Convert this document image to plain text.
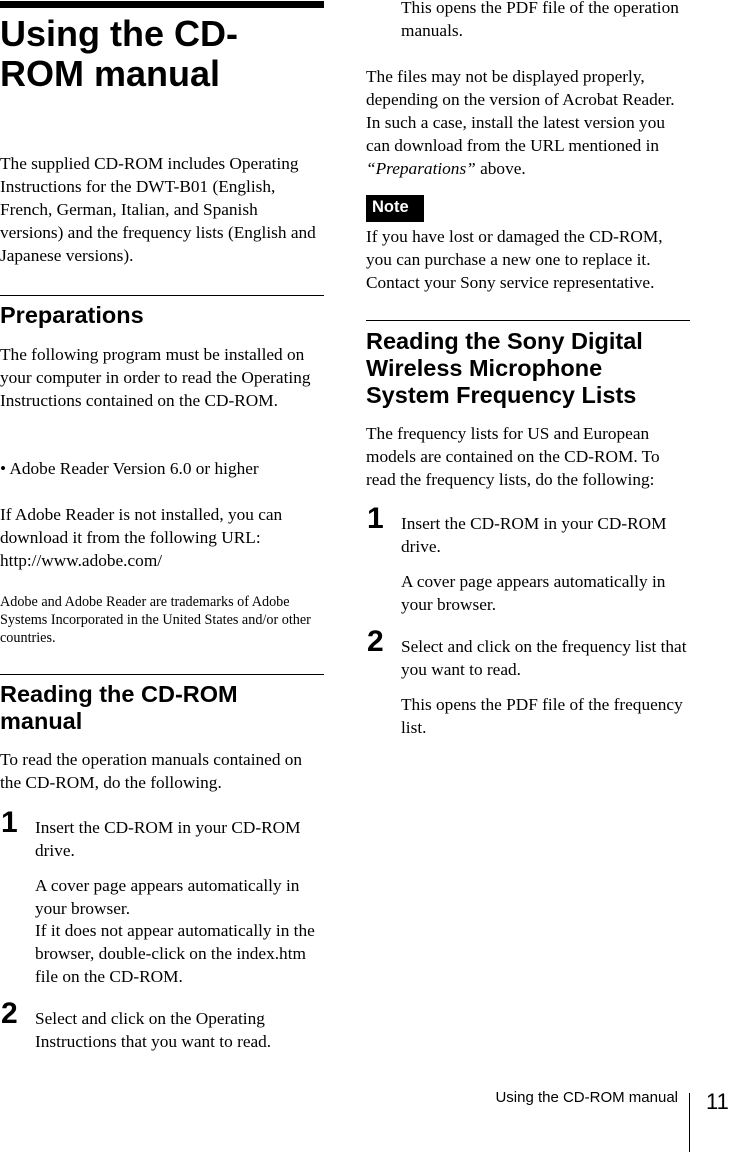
Using the CD-ROM manual

The supplied CD-ROM includes Operating Instructions for the DWT-B01 (English, French, German, Italian, and Spanish versions) and the frequency lists (English and Japanese versions).

Preparations

The following program must be installed on your computer in order to read the Operating Instructions contained on the CD-ROM.

• Adobe Reader Version 6.0 or higher

If Adobe Reader is not installed, you can download it from the following URL:
http://www.adobe.com/

Adobe and Adobe Reader are trademarks of Adobe Systems Incorporated in the United States and/or other countries.

Reading the CD-ROM manual

To read the operation manuals contained on the CD-ROM, do the following.

1 Insert the CD-ROM in your CD-ROM drive.

A cover page appears automatically in your browser.

If it does not appear automatically in the browser, double-click on the index.htm file on the CD-ROM.

2 Select and click on the Operating Instructions that you want to read.

This opens the PDF file of the operation manuals.

The files may not be displayed properly, depending on the version of Acrobat Reader. In such a case, install the latest version you can download from the URL mentioned in “Preparations” above.

Note

If you have lost or damaged the CD-ROM, you can purchase a new one to replace it. Contact your Sony service representative.

Reading the Sony Digital Wireless Microphone System Frequency Lists

The frequency lists for US and European models are contained on the CD-ROM. To read the frequency lists, do the following:

1 Insert the CD-ROM in your CD-ROM drive.

A cover page appears automatically in your browser.

2 Select and click on the frequency list that you want to read.

This opens the PDF file of the frequency list.

Using the CD-ROM manual 11
